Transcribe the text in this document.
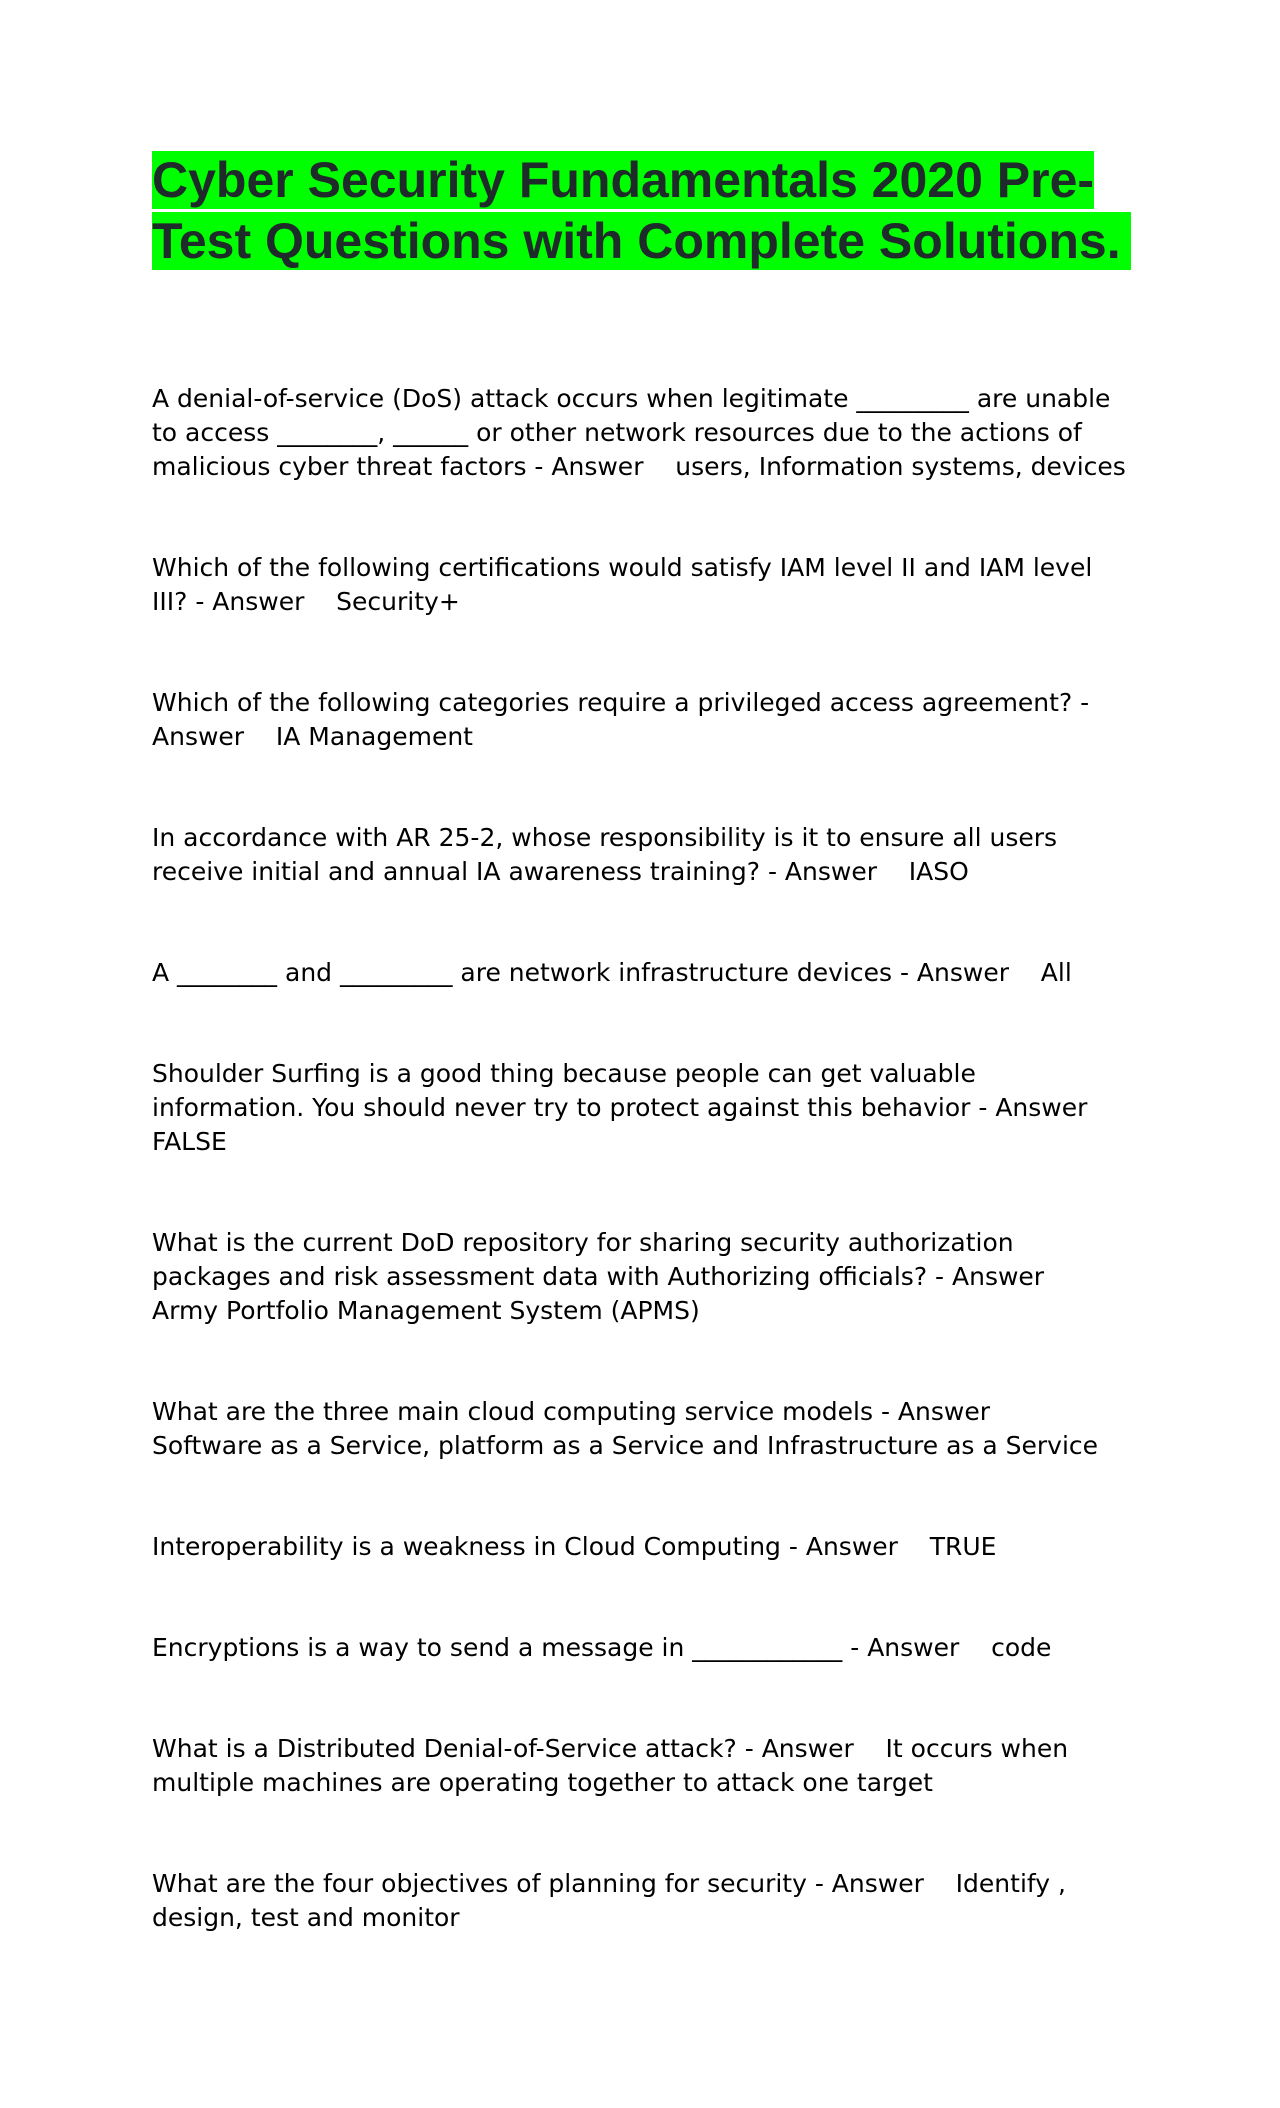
Cyber Security Fundamentals 2020 Pre-Test Questions with Complete Solutions.

A denial-of-service (DoS) attack occurs when legitimate _________ are unable
to access ________, ______ or other network resources due to the actions of
malicious cyber threat factors - Answer    users, Information systems, devices

Which of the following certifications would satisfy IAM level II and IAM level
III? - Answer    Security+

Which of the following categories require a privileged access agreement? -
Answer    IA Management

In accordance with AR 25-2, whose responsibility is it to ensure all users
receive initial and annual IA awareness training? - Answer    IASO

A ________ and _________ are network infrastructure devices - Answer    All

Shoulder Surfing is a good thing because people can get valuable
information. You should never try to protect against this behavior - Answer
FALSE

What is the current DoD repository for sharing security authorization
packages and risk assessment data with Authorizing officials? - Answer
Army Portfolio Management System (APMS)

What are the three main cloud computing service models - Answer
Software as a Service, platform as a Service and Infrastructure as a Service

Interoperability is a weakness in Cloud Computing - Answer    TRUE

Encryptions is a way to send a message in ____________ - Answer    code

What is a Distributed Denial-of-Service attack? - Answer    It occurs when
multiple machines are operating together to attack one target

What are the four objectives of planning for security - Answer    Identify ,
design, test and monitor
